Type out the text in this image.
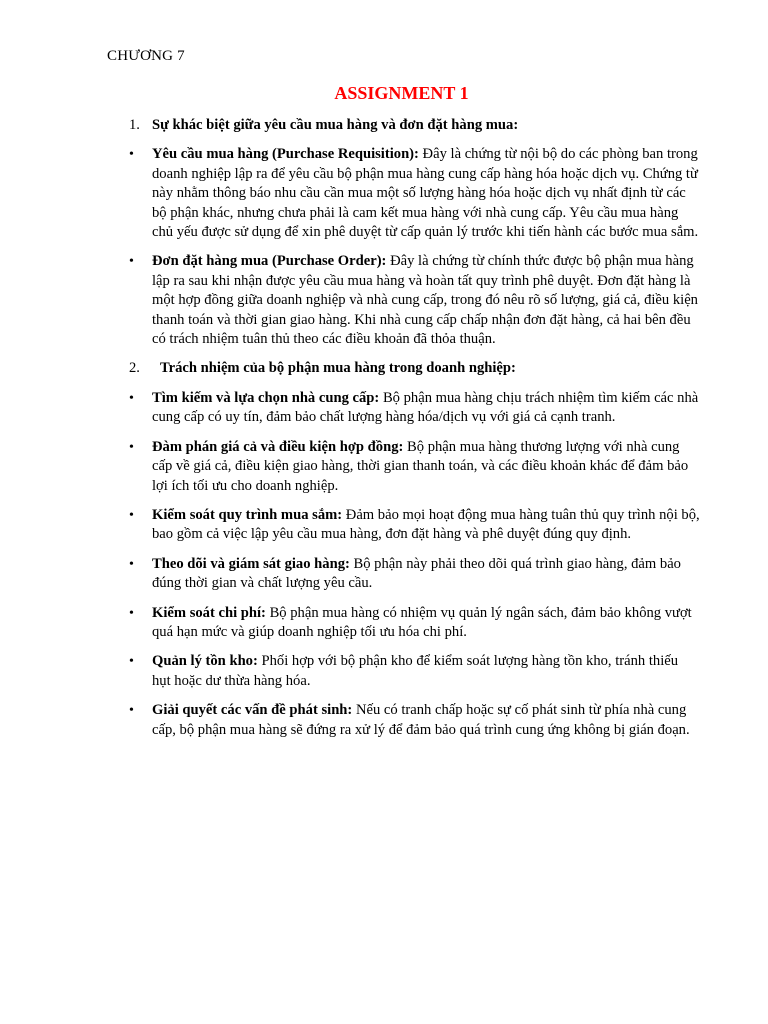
CHƯƠNG 7
ASSIGNMENT 1
1. Sự khác biệt giữa yêu cầu mua hàng và đơn đặt hàng mua:
• Yêu cầu mua hàng (Purchase Requisition): Đây là chứng từ nội bộ do các phòng ban trong doanh nghiệp lập ra để yêu cầu bộ phận mua hàng cung cấp hàng hóa hoặc dịch vụ. Chứng từ này nhằm thông báo nhu cầu cần mua một số lượng hàng hóa hoặc dịch vụ nhất định từ các bộ phận khác, nhưng chưa phải là cam kết mua hàng với nhà cung cấp. Yêu cầu mua hàng chủ yếu được sử dụng để xin phê duyệt từ cấp quản lý trước khi tiến hành các bước mua sắm.
• Đơn đặt hàng mua (Purchase Order): Đây là chứng từ chính thức được bộ phận mua hàng lập ra sau khi nhận được yêu cầu mua hàng và hoàn tất quy trình phê duyệt. Đơn đặt hàng là một hợp đồng giữa doanh nghiệp và nhà cung cấp, trong đó nêu rõ số lượng, giá cả, điều kiện thanh toán và thời gian giao hàng. Khi nhà cung cấp chấp nhận đơn đặt hàng, cả hai bên đều có trách nhiệm tuân thủ theo các điều khoản đã thỏa thuận.
2. Trách nhiệm của bộ phận mua hàng trong doanh nghiệp:
• Tìm kiếm và lựa chọn nhà cung cấp: Bộ phận mua hàng chịu trách nhiệm tìm kiếm các nhà cung cấp có uy tín, đảm bảo chất lượng hàng hóa/dịch vụ với giá cả cạnh tranh.
• Đàm phán giá cả và điều kiện hợp đồng: Bộ phận mua hàng thương lượng với nhà cung cấp về giá cả, điều kiện giao hàng, thời gian thanh toán, và các điều khoản khác để đảm bảo lợi ích tối ưu cho doanh nghiệp.
• Kiểm soát quy trình mua sắm: Đảm bảo mọi hoạt động mua hàng tuân thủ quy trình nội bộ, bao gồm cả việc lập yêu cầu mua hàng, đơn đặt hàng và phê duyệt đúng quy định.
• Theo dõi và giám sát giao hàng: Bộ phận này phải theo dõi quá trình giao hàng, đảm bảo đúng thời gian và chất lượng yêu cầu.
• Kiểm soát chi phí: Bộ phận mua hàng có nhiệm vụ quản lý ngân sách, đảm bảo không vượt quá hạn mức và giúp doanh nghiệp tối ưu hóa chi phí.
• Quản lý tồn kho: Phối hợp với bộ phận kho để kiểm soát lượng hàng tồn kho, tránh thiếu hụt hoặc dư thừa hàng hóa.
• Giải quyết các vấn đề phát sinh: Nếu có tranh chấp hoặc sự cố phát sinh từ phía nhà cung cấp, bộ phận mua hàng sẽ đứng ra xử lý để đảm bảo quá trình cung ứng không bị gián đoạn.
